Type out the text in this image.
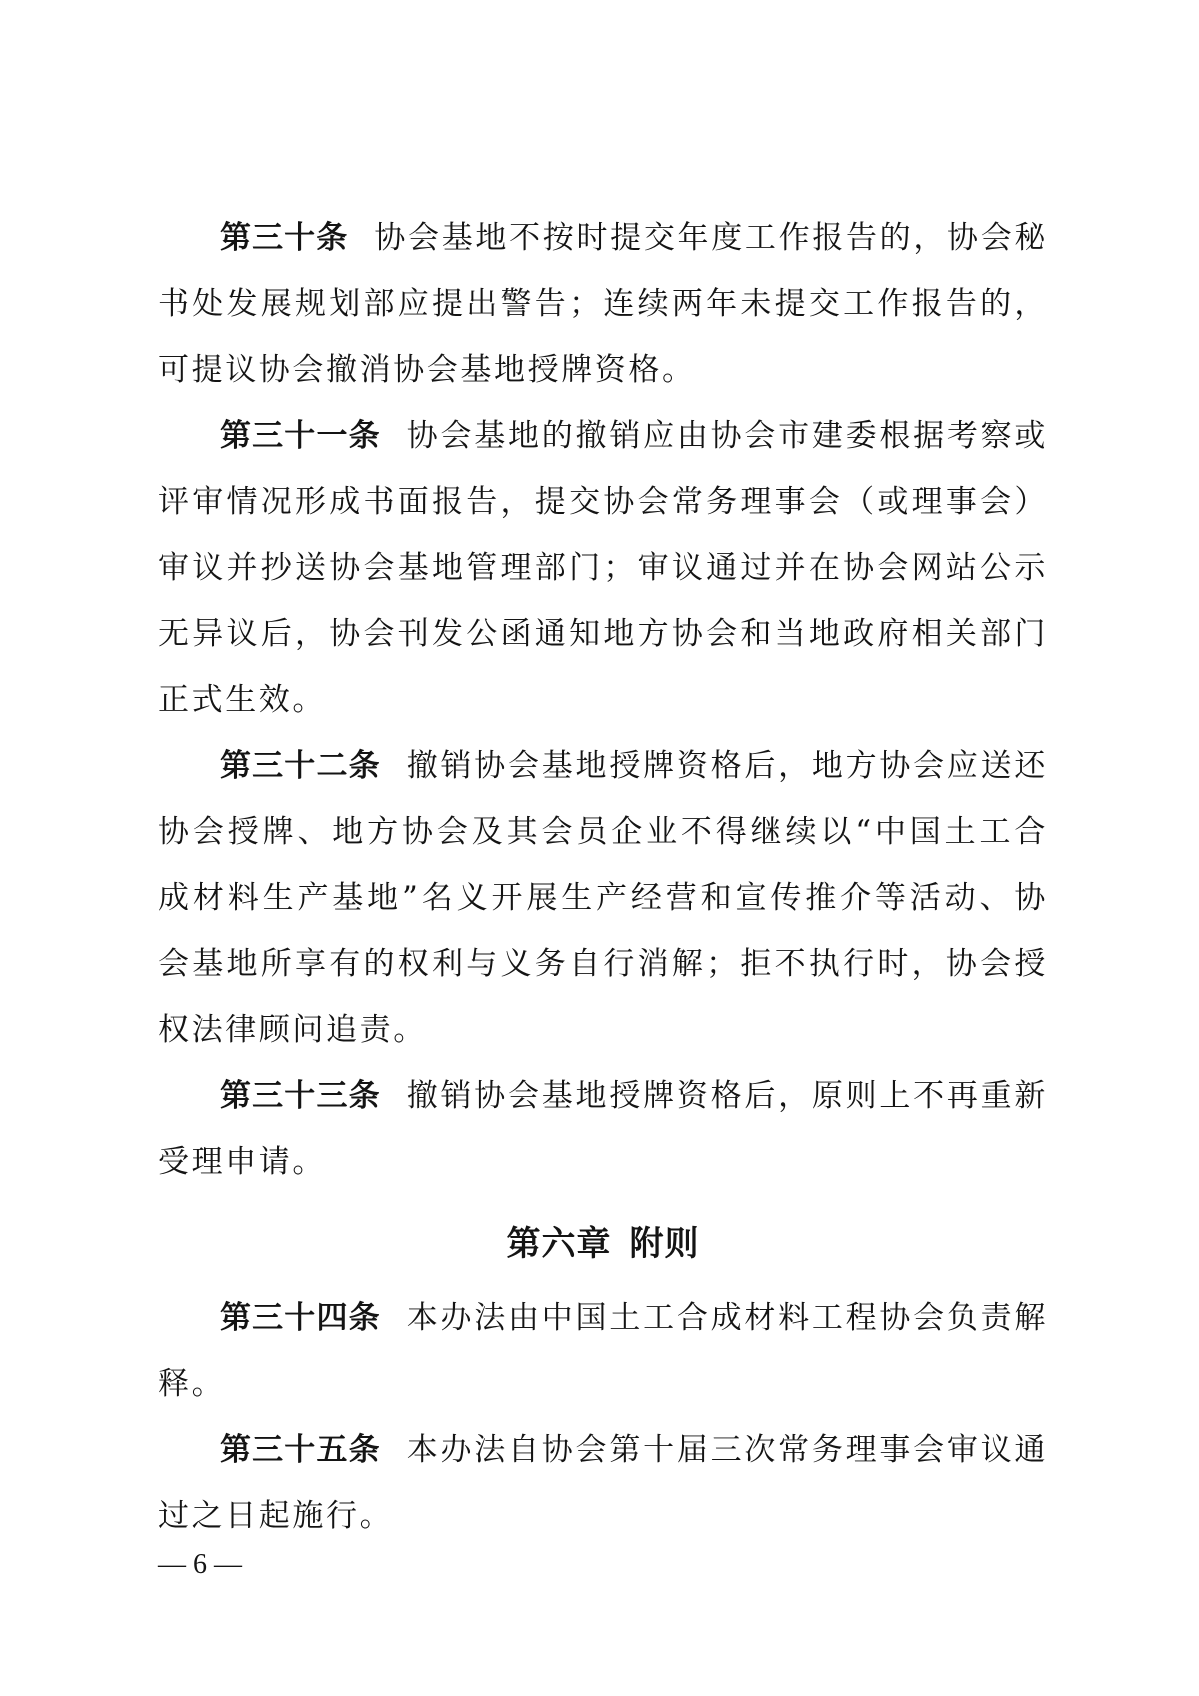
第三十条 协会基地不按时提交年度工作报告的，协会秘书处发展规划部应提出警告；连续两年未提交工作报告的，可提议协会撤消协会基地授牌资格。

第三十一条 协会基地的撤销应由协会市建委根据考察或评审情况形成书面报告，提交协会常务理事会（或理事会）审议并抄送协会基地管理部门；审议通过并在协会网站公示无异议后，协会刊发公函通知地方协会和当地政府相关部门正式生效。

第三十二条 撤销协会基地授牌资格后，地方协会应送还协会授牌、地方协会及其会员企业不得继续以“中国土工合成材料生产基地”名义开展生产经营和宣传推介等活动、协会基地所享有的权利与义务自行消解；拒不执行时，协会授权法律顾问追责。

第三十三条 撤销协会基地授牌资格后，原则上不再重新受理申请。

第六章 附则

第三十四条 本办法由中国土工合成材料工程协会负责解释。

第三十五条 本办法自协会第十届三次常务理事会审议通过之日起施行。

— 6 —
